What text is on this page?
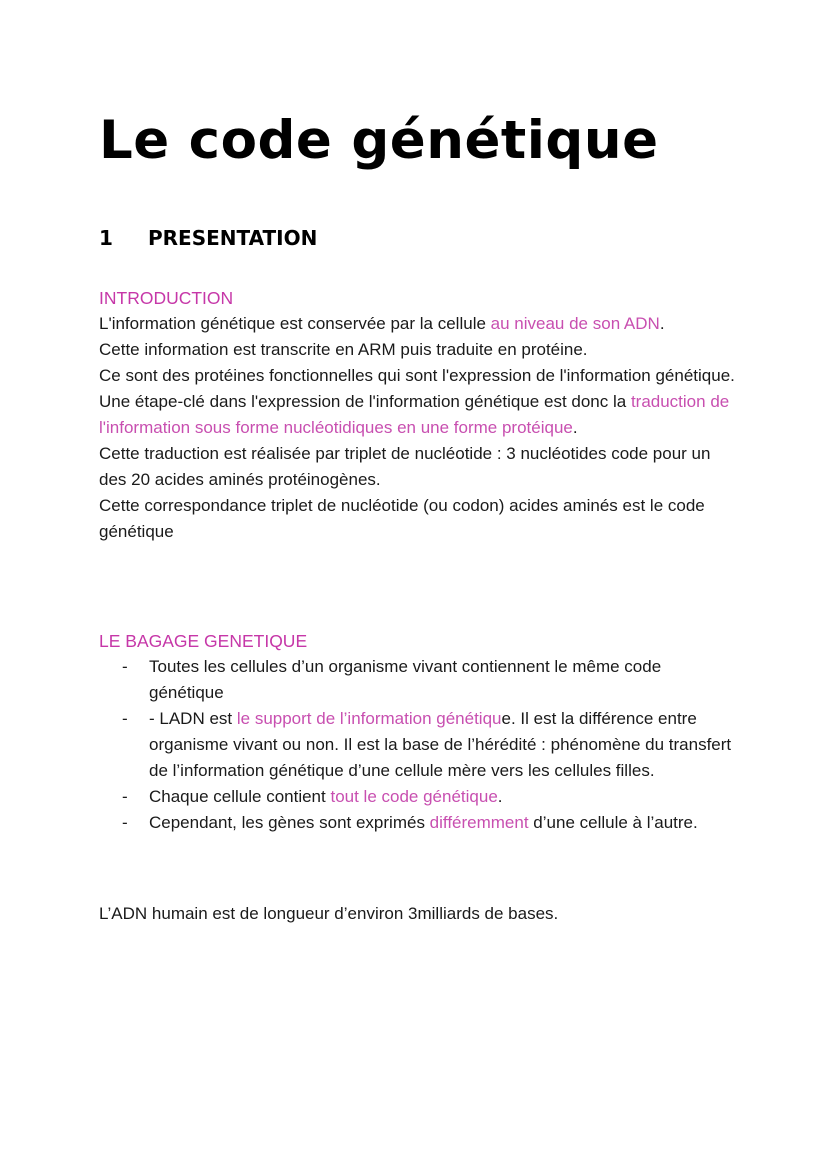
Le code génétique
1 PRESENTATION
INTRODUCTION

L'information génétique est conservée par la cellule au niveau de son ADN.

Cette information est transcrite en ARM puis traduite en protéine.

Ce sont des protéines fonctionnelles qui sont l'expression de l'information génétique.

Une étape-clé dans l'expression de l'information génétique est donc la traduction de l'information sous forme nucléotidiques en une forme protéique.

Cette traduction est réalisée par triplet de nucléotide : 3 nucléotides code pour un des 20 acides aminés protéinogènes.

Cette correspondance triplet de nucléotide (ou codon) acides aminés est le code génétique

LE BAGAGE GENETIQUE
- Toutes les cellules d’un organisme vivant contiennent le même code génétique
- - LADN est le support de l’information génétique. Il est la différence entre organisme vivant ou non. Il est la base de l’hérédité : phénomène du transfert de l’information génétique d’une cellule mère vers les cellules filles.
- Chaque cellule contient tout le code génétique.
- Cependant, les gènes sont exprimés différemment d’une cellule à l’autre.

L’ADN humain est de longueur d’environ 3milliards de bases.
